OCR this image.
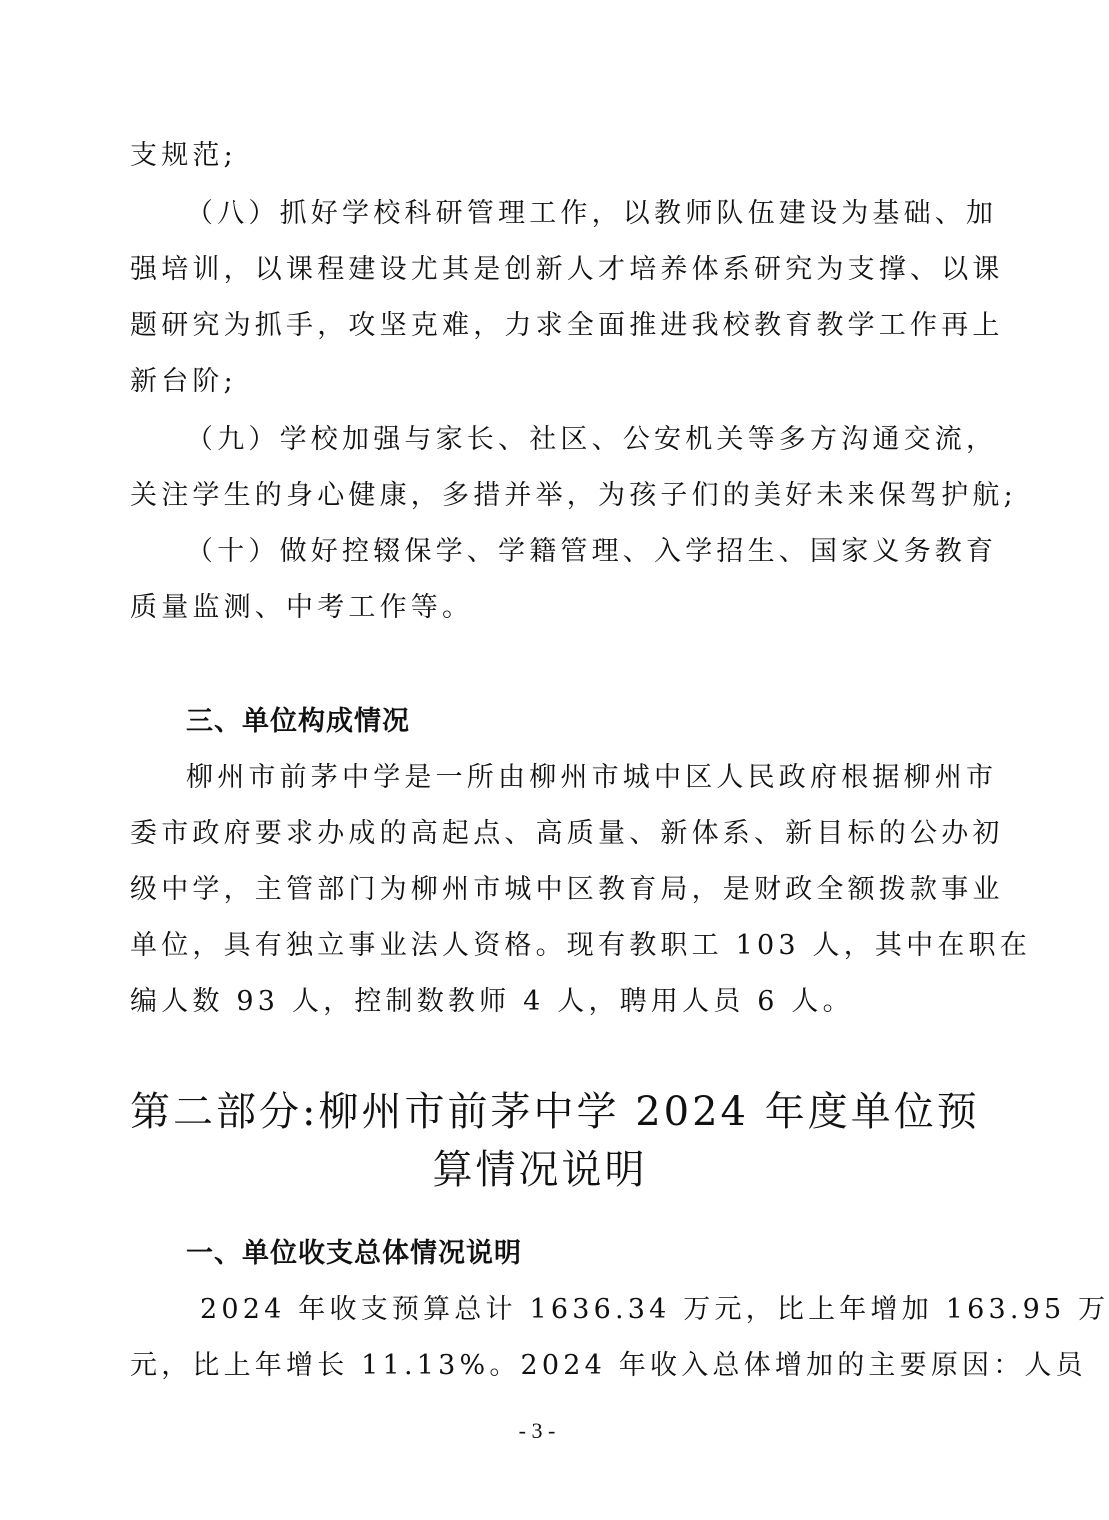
支规范;
（八）抓好学校科研管理工作，以教师队伍建设为基础、加
强培训，以课程建设尤其是创新人才培养体系研究为支撑、以课
题研究为抓手，攻坚克难，力求全面推进我校教育教学工作再上
新台阶;
（九）学校加强与家长、社区、公安机关等多方沟通交流，
关注学生的身心健康，多措并举，为孩子们的美好未来保驾护航;
（十）做好控辍保学、学籍管理、入学招生、国家义务教育
质量监测、中考工作等。
三、单位构成情况
柳州市前茅中学是一所由柳州市城中区人民政府根据柳州市
委市政府要求办成的高起点、高质量、新体系、新目标的公办初
级中学，主管部门为柳州市城中区教育局，是财政全额拨款事业
单位，具有独立事业法人资格。现有教职工 103 人，其中在职在
编人数 93 人，控制数教师 4 人，聘用人员 6 人。
第二部分:柳州市前茅中学 2024 年度单位预
算情况说明
一、单位收支总体情况说明
2024 年收支预算总计 1636.34 万元，比上年增加 163.95 万
元，比上年增长 11.13%。2024 年收入总体增加的主要原因：人员
- 3 -
